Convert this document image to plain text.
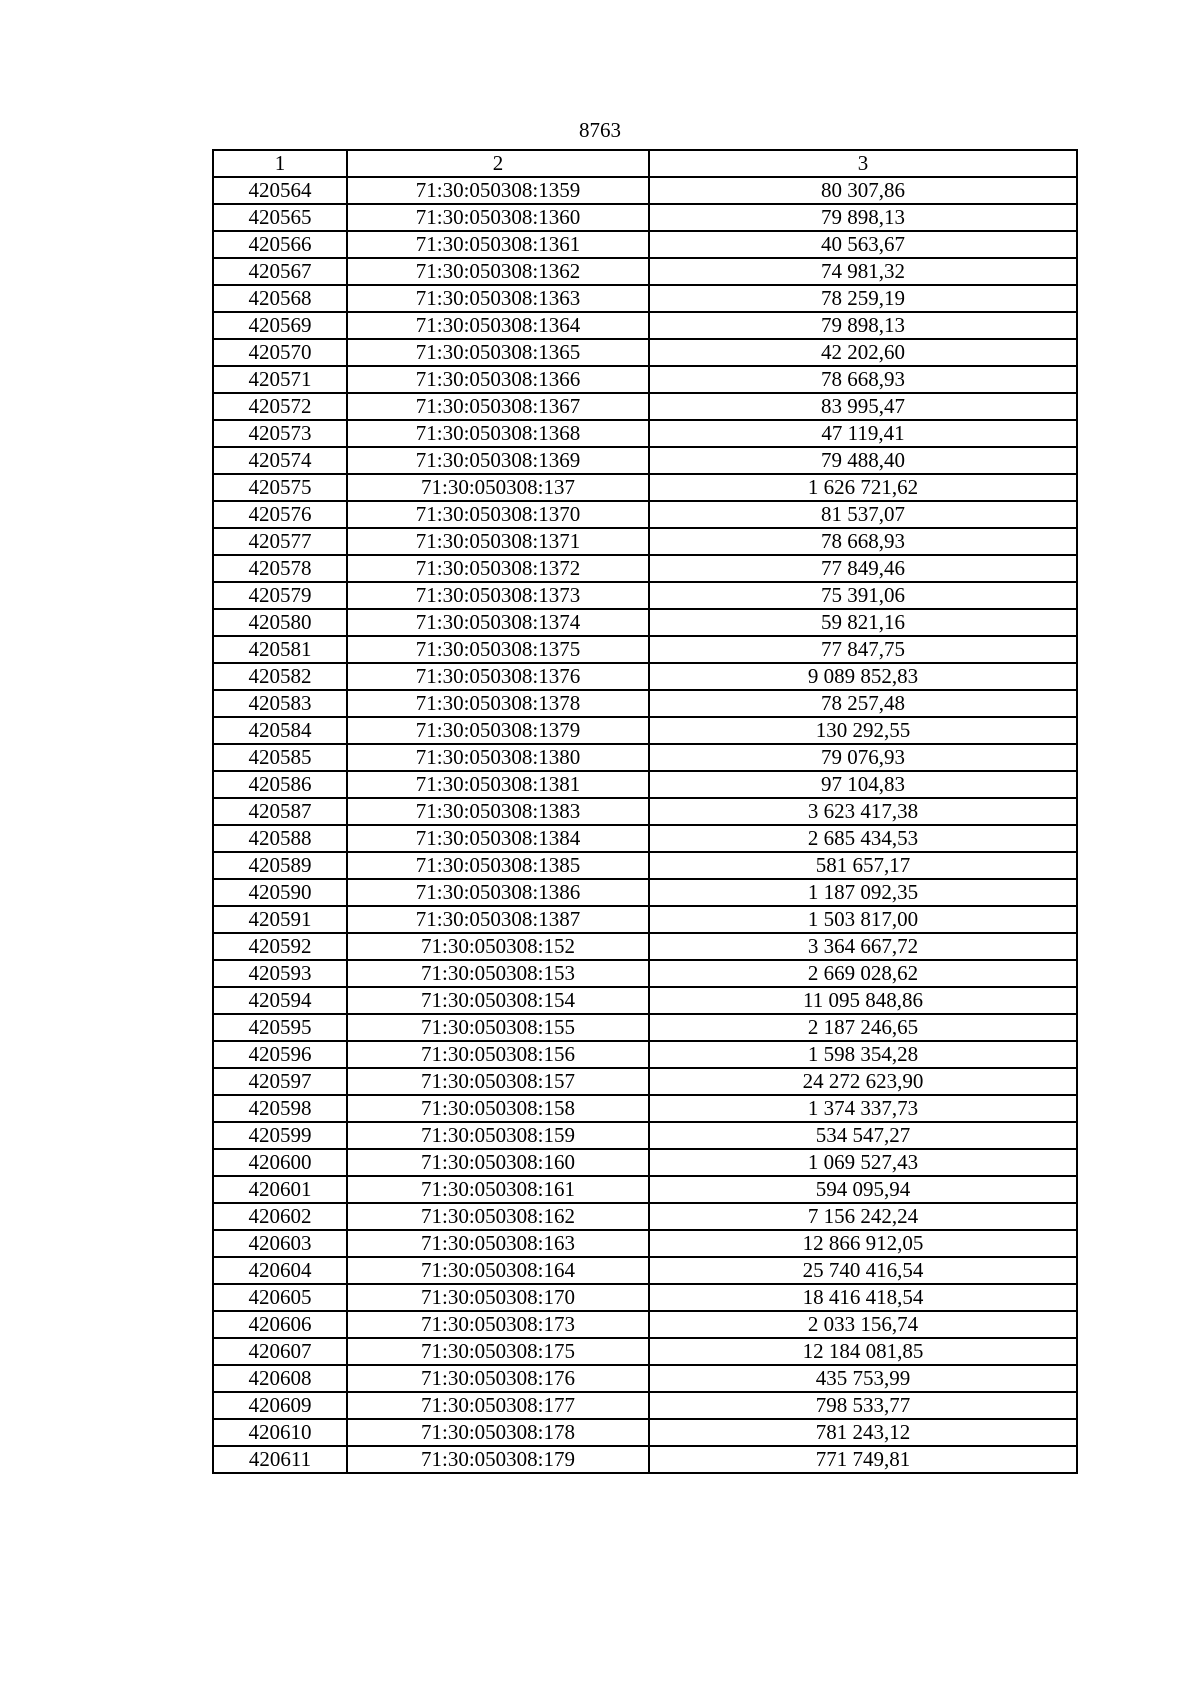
8763
1	2	3
420564	71:30:050308:1359	80 307,86
420565	71:30:050308:1360	79 898,13
420566	71:30:050308:1361	40 563,67
420567	71:30:050308:1362	74 981,32
420568	71:30:050308:1363	78 259,19
420569	71:30:050308:1364	79 898,13
420570	71:30:050308:1365	42 202,60
420571	71:30:050308:1366	78 668,93
420572	71:30:050308:1367	83 995,47
420573	71:30:050308:1368	47 119,41
420574	71:30:050308:1369	79 488,40
420575	71:30:050308:137	1 626 721,62
420576	71:30:050308:1370	81 537,07
420577	71:30:050308:1371	78 668,93
420578	71:30:050308:1372	77 849,46
420579	71:30:050308:1373	75 391,06
420580	71:30:050308:1374	59 821,16
420581	71:30:050308:1375	77 847,75
420582	71:30:050308:1376	9 089 852,83
420583	71:30:050308:1378	78 257,48
420584	71:30:050308:1379	130 292,55
420585	71:30:050308:1380	79 076,93
420586	71:30:050308:1381	97 104,83
420587	71:30:050308:1383	3 623 417,38
420588	71:30:050308:1384	2 685 434,53
420589	71:30:050308:1385	581 657,17
420590	71:30:050308:1386	1 187 092,35
420591	71:30:050308:1387	1 503 817,00
420592	71:30:050308:152	3 364 667,72
420593	71:30:050308:153	2 669 028,62
420594	71:30:050308:154	11 095 848,86
420595	71:30:050308:155	2 187 246,65
420596	71:30:050308:156	1 598 354,28
420597	71:30:050308:157	24 272 623,90
420598	71:30:050308:158	1 374 337,73
420599	71:30:050308:159	534 547,27
420600	71:30:050308:160	1 069 527,43
420601	71:30:050308:161	594 095,94
420602	71:30:050308:162	7 156 242,24
420603	71:30:050308:163	12 866 912,05
420604	71:30:050308:164	25 740 416,54
420605	71:30:050308:170	18 416 418,54
420606	71:30:050308:173	2 033 156,74
420607	71:30:050308:175	12 184 081,85
420608	71:30:050308:176	435 753,99
420609	71:30:050308:177	798 533,77
420610	71:30:050308:178	781 243,12
420611	71:30:050308:179	771 749,81
